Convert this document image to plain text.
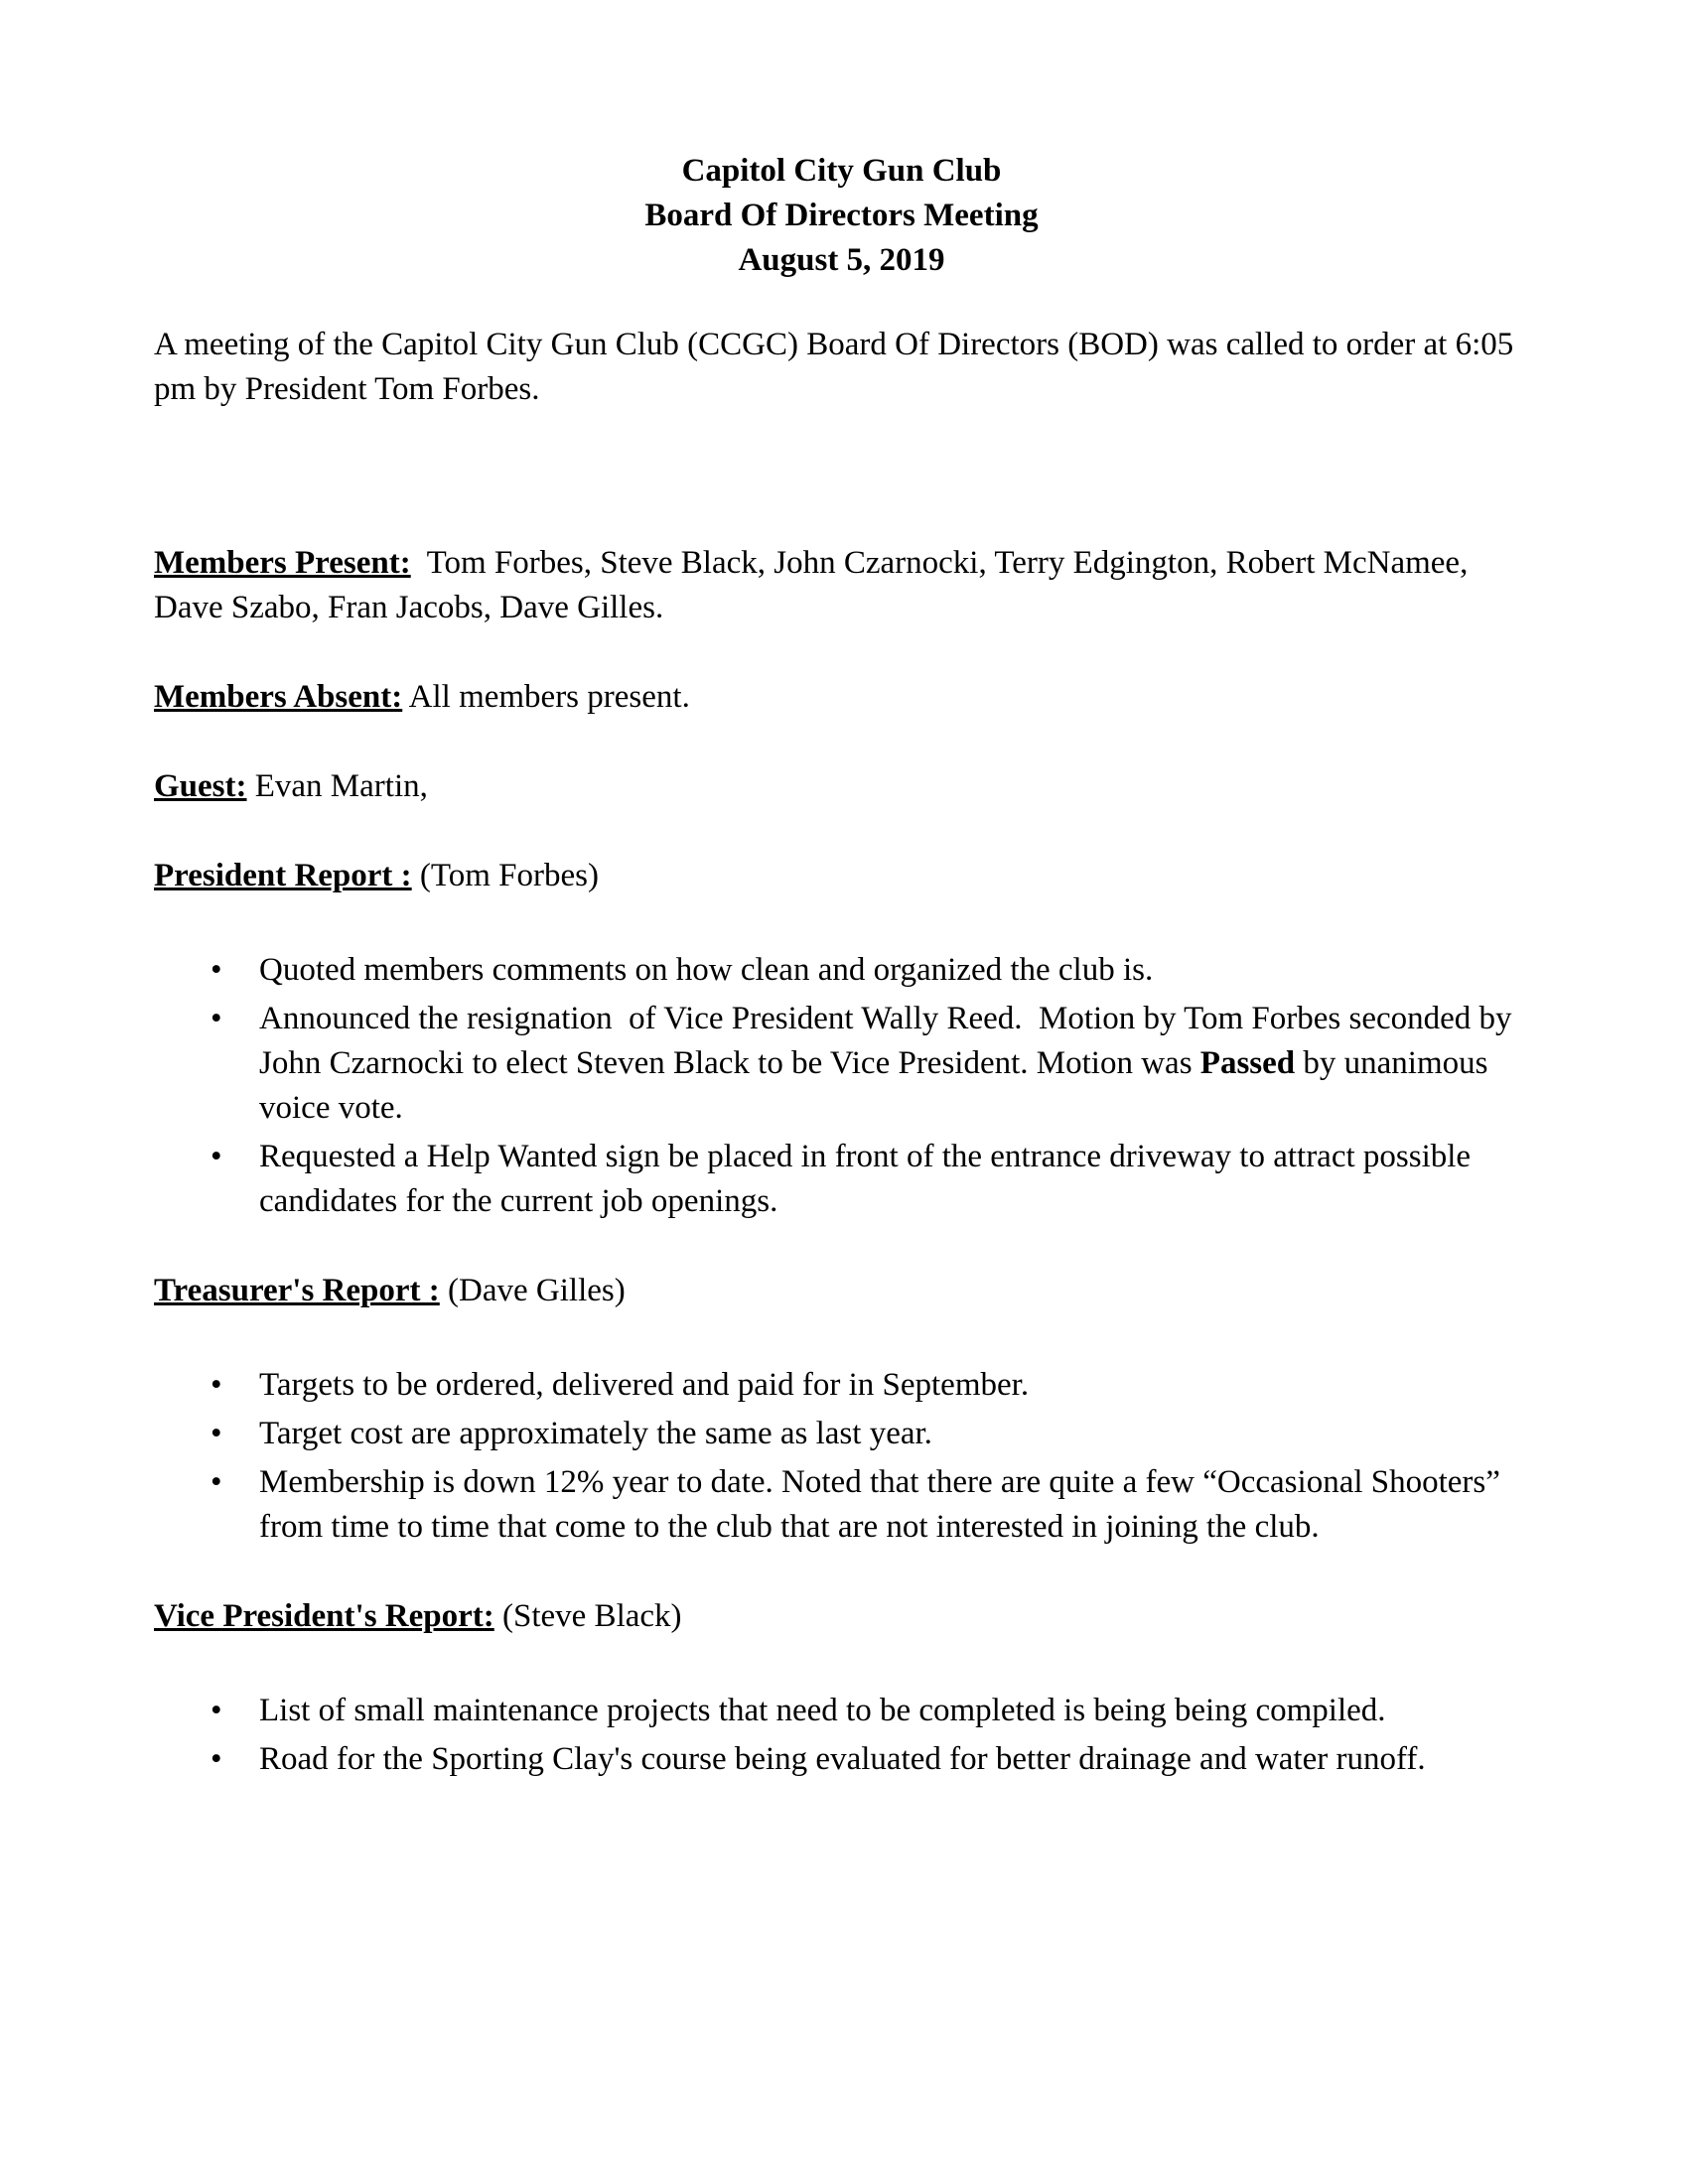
Capitol City Gun Club

Board Of Directors Meeting

August 5, 2019

A meeting of the Capitol City Gun Club (CCGC) Board Of Directors (BOD) was called to order at 6:05 pm by President Tom Forbes.

Members Present:  Tom Forbes, Steve Black, John Czarnocki, Terry Edgington, Robert McNamee, Dave Szabo, Fran Jacobs, Dave Gilles.

Members Absent: All members present.

Guest: Evan Martin,

President Report : (Tom Forbes)

• Quoted members comments on how clean and organized the club is.
• Announced the resignation  of Vice President Wally Reed.  Motion by Tom Forbes seconded by John Czarnocki to elect Steven Black to be Vice President. Motion was Passed by unanimous voice vote.
• Requested a Help Wanted sign be placed in front of the entrance driveway to attract possible candidates for the current job openings.

Treasurer's Report : (Dave Gilles)

• Targets to be ordered, delivered and paid for in September.
• Target cost are approximately the same as last year.
• Membership is down 12% year to date. Noted that there are quite a few “Occasional Shooters” from time to time that come to the club that are not interested in joining the club.

Vice President's Report: (Steve Black)

• List of small maintenance projects that need to be completed is being being compiled.
• Road for the Sporting Clay's course being evaluated for better drainage and water runoff.
